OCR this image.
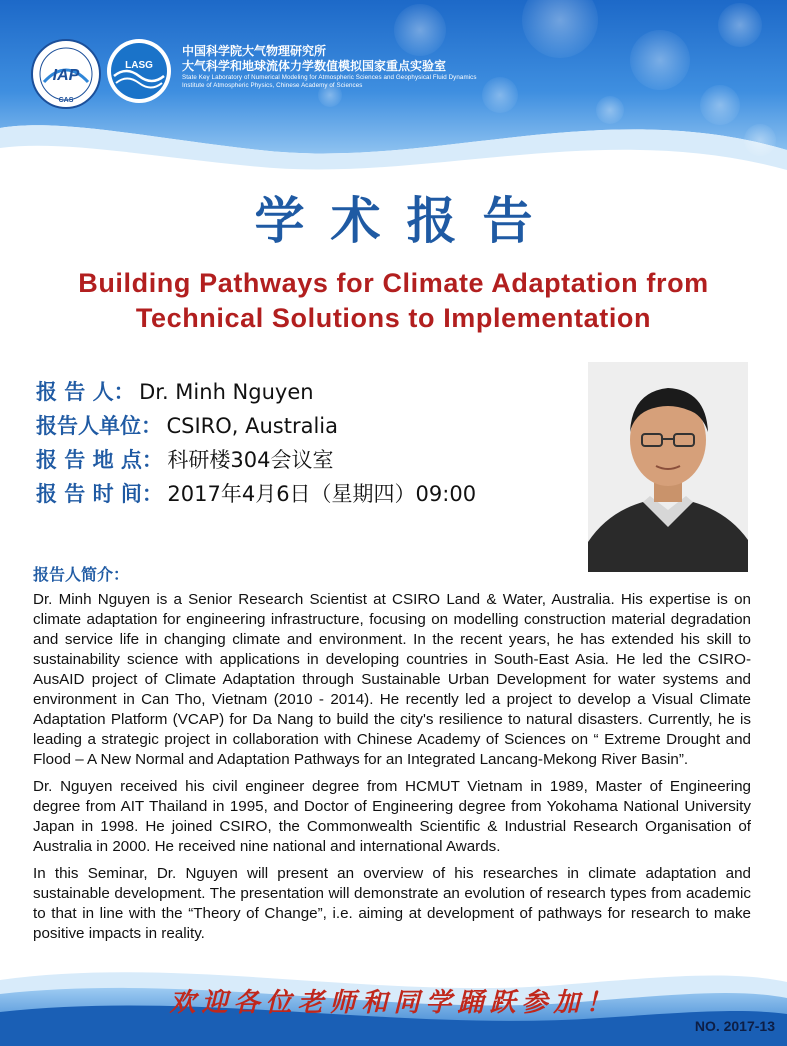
IAP
CAS
LASG
中国科学院大气物理研究所
大气科学和地球流体力学数值模拟国家重点实验室
State Key Laboratory of Numerical Modeling for Atmospheric Sciences and Geophysical Fluid Dynamics
Institute of Atmospheric Physics, Chinese Academy of Sciences
学术报告
Building Pathways for Climate Adaptation from
Technical Solutions to Implementation
报 告 人： Dr. Minh Nguyen
报告人单位： CSIRO, Australia
报 告 地 点： 科研楼304会议室
报 告 时 间： 2017年4月6日（星期四）09:00
报告人简介：

Dr. Minh Nguyen is a Senior Research Scientist at CSIRO Land & Water, Australia. His expertise is on climate adaptation for engineering infrastructure, focusing on modelling construction material degradation and service life in changing climate and environment. In the recent years, he has extended his skill to sustainability science with applications in developing countries in South-East Asia. He led the CSIRO-AusAID project of Climate Adaptation through Sustainable Urban Development for water systems and environment in Can Tho, Vietnam (2010 - 2014). He recently led a project to develop a Visual Climate Adaptation Platform (VCAP) for Da Nang to build the city's resilience to natural disasters. Currently, he is leading a strategic project in collaboration with Chinese Academy of Sciences on “ Extreme Drought and Flood – A New Normal and Adaptation Pathways for an Integrated Lancang-Mekong River Basin”.

Dr. Nguyen received his civil engineer degree from HCMUT Vietnam in 1989, Master of Engineering degree from AIT Thailand in 1995, and Doctor of Engineering degree from Yokohama National University Japan in 1998. He joined CSIRO, the Commonwealth Scientific & Industrial Research Organisation of Australia in 2000. He received nine national and international Awards.

In this Seminar, Dr. Nguyen will present an overview of his researches in climate adaptation and sustainable development. The presentation will demonstrate an evolution of research types from academic to that in line with the “Theory of Change”, i.e. aiming at development of pathways for research to make positive impacts in reality.

欢迎各位老师和同学踊跃参加！
NO. 2017-13
